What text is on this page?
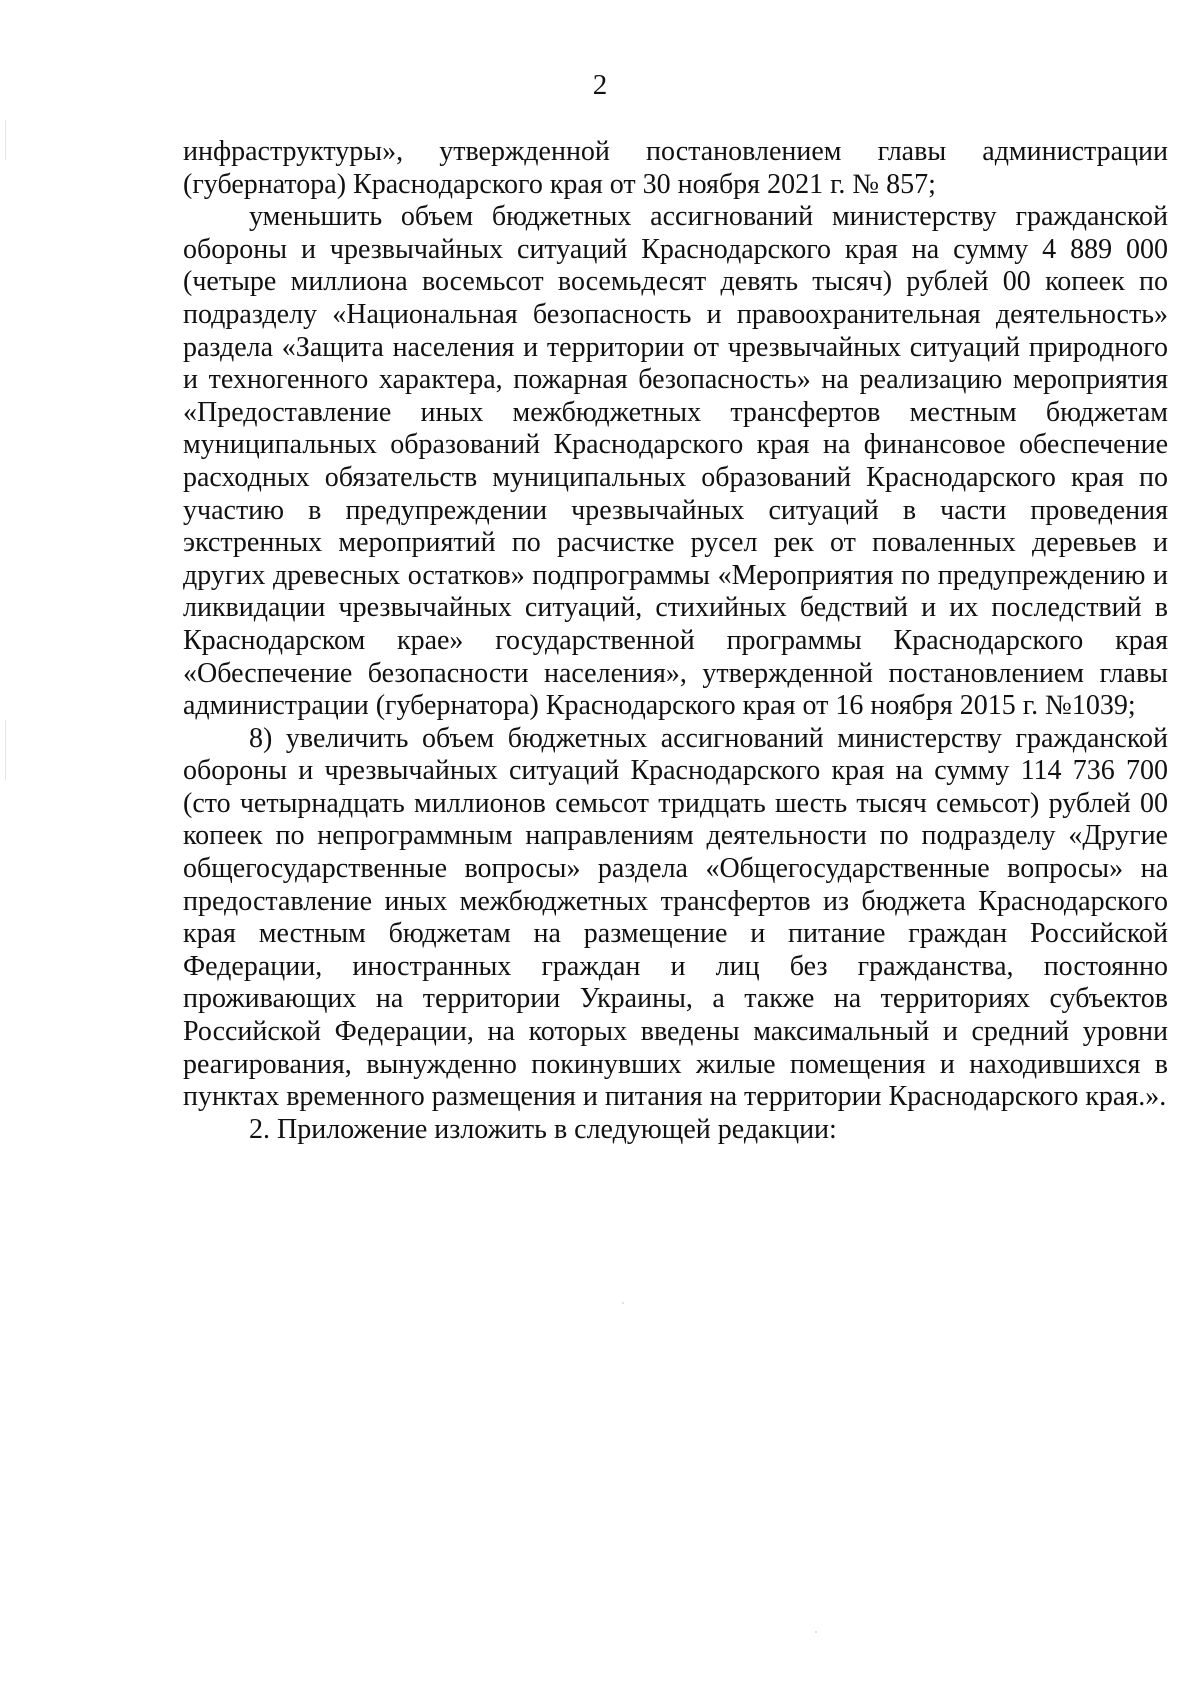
2

инфраструктуры», утвержденной постановлением главы администрации (губернатора) Краснодарского края от 30 ноября 2021 г. № 857;

уменьшить объем бюджетных ассигнований министерству гражданской обороны и чрезвычайных ситуаций Краснодарского края на сумму 4 889 000 (четыре миллиона восемьсот восемьдесят девять тысяч) рублей 00 копеек по подразделу «Национальная безопасность и правоохранительная деятельность» раздела «Защита населения и территории от чрезвычайных ситуаций природного и техногенного характера, пожарная безопасность» на реализацию мероприятия «Предоставление иных межбюджетных трансфертов местным бюджетам муниципальных образований Краснодарского края на финансовое обеспечение расходных обязательств муниципальных образований Краснодарского края по участию в предупреждении чрезвычайных ситуаций в части проведения экстренных мероприятий по расчистке русел рек от поваленных деревьев и других древесных остатков» подпрограммы «Мероприятия по предупреждению и ликвидации чрезвычайных ситуаций, стихийных бедствий и их последствий в Краснодарском крае» государственной программы Краснодарского края «Обеспечение безопасности населения», утвержденной постановлением главы администрации (губернатора) Краснодарского края от 16 ноября 2015 г. №1039;

8) увеличить объем бюджетных ассигнований министерству гражданской обороны и чрезвычайных ситуаций Краснодарского края на сумму 114 736 700 (сто четырнадцать миллионов семьсот тридцать шесть тысяч семьсот) рублей 00 копеек по непрограммным направлениям деятельности по подразделу «Другие общегосударственные вопросы» раздела «Общегосударственные вопросы» на предоставление иных межбюджетных трансфертов из бюджета Краснодарского края местным бюджетам на размещение и питание граждан Российской Федерации, иностранных граждан и лиц без гражданства, постоянно проживающих на территории Украины, а также на территориях субъектов Российской Федерации, на которых введены максимальный и средний уровни реагирования, вынужденно покинувших жилые помещения и находившихся в пунктах временного размещения и питания на территории Краснодарского края.».

2. Приложение изложить в следующей редакции:
